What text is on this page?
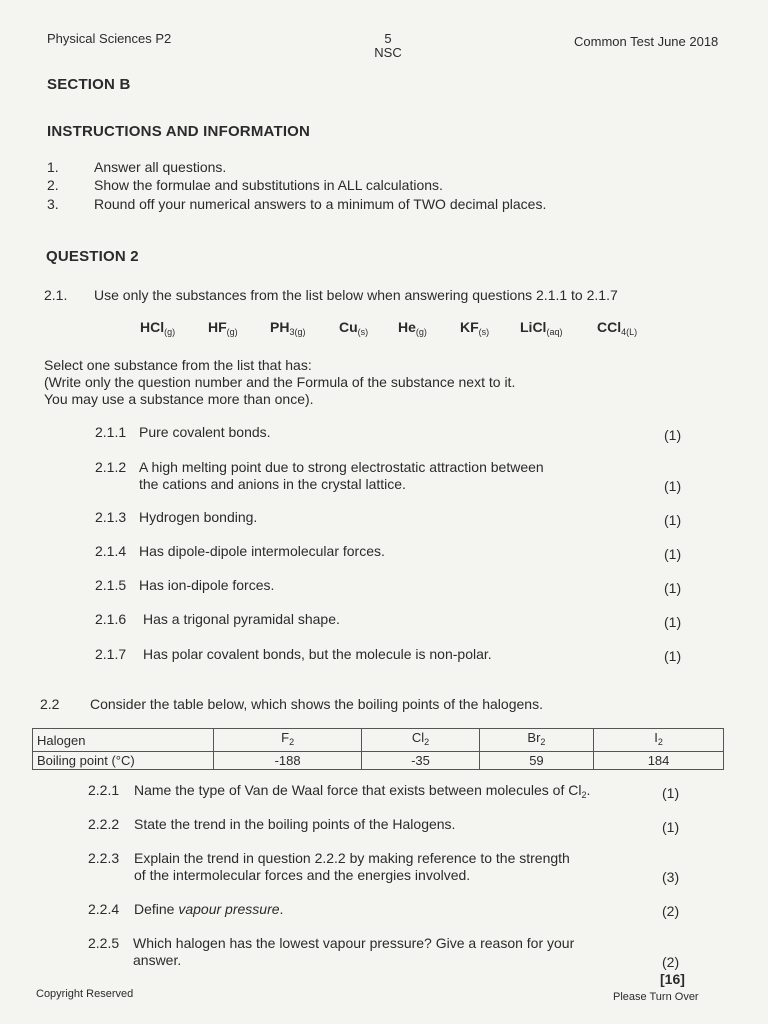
Physical Sciences P2	5
NSC
Common Test June 2018
SECTION B
INSTRUCTIONS AND INFORMATION
1.	Answer all questions.
2.	Show the formulae and substitutions in ALL calculations.
3.	Round off your numerical answers to a minimum of TWO decimal places.
QUESTION 2
2.1. Use only the substances from the list below when answering questions 2.1.1 to 2.1.7
HCl$_{(g)}$ $HF_{(g)}$ $PH_{3(g)}$ $Cu_{(s)}$ $He_{(g)}$ $KF_{(s)}$ LiCl$_{(aq)}$ CCl$_{4(L)}$
Select one substance from the list that has:
(Write only the question number and the Formula of the substance next to it.
You may use a substance more than once).
2.1.1 Pure covalent bonds.	(1)
2.1.2 A high melting point due to strong electrostatic attraction between
the cations and anions in the crystal lattice.	(1)
2.1.3 Hydrogen bonding.	(1)
2.1.4 Has dipole-dipole intermolecular forces.	(1)
2.1.5 Has ion-dipole forces.	(1)
2.1.6 Has a trigonal pyramidal shape.	(1)
2.1.7 Has polar covalent bonds, but the molecule is non-polar.	(1)
2.2 Consider the table below, which shows the boiling points of the halogens.
Halogen	$F_2$	$Cl_2$	$Br_2$	$I_2$
Boiling point (°C)	-188	-35	59	184
2.2.1 Name the type of Van de Waal force that exists between molecules of $Cl_2$.	(1)
2.2.2 State the trend in the boiling points of the Halogens.	(1)
2.2.3 Explain the trend in question 2.2.2 by making reference to the strength
of the intermolecular forces and the energies involved.	(3)
2.2.4 Define vapour pressure.	(2)
2.2.5 Which halogen has the lowest vapour pressure? Give a reason for your
answer.	(2)
[16]
Copyright Reserved	Please Turn Over
